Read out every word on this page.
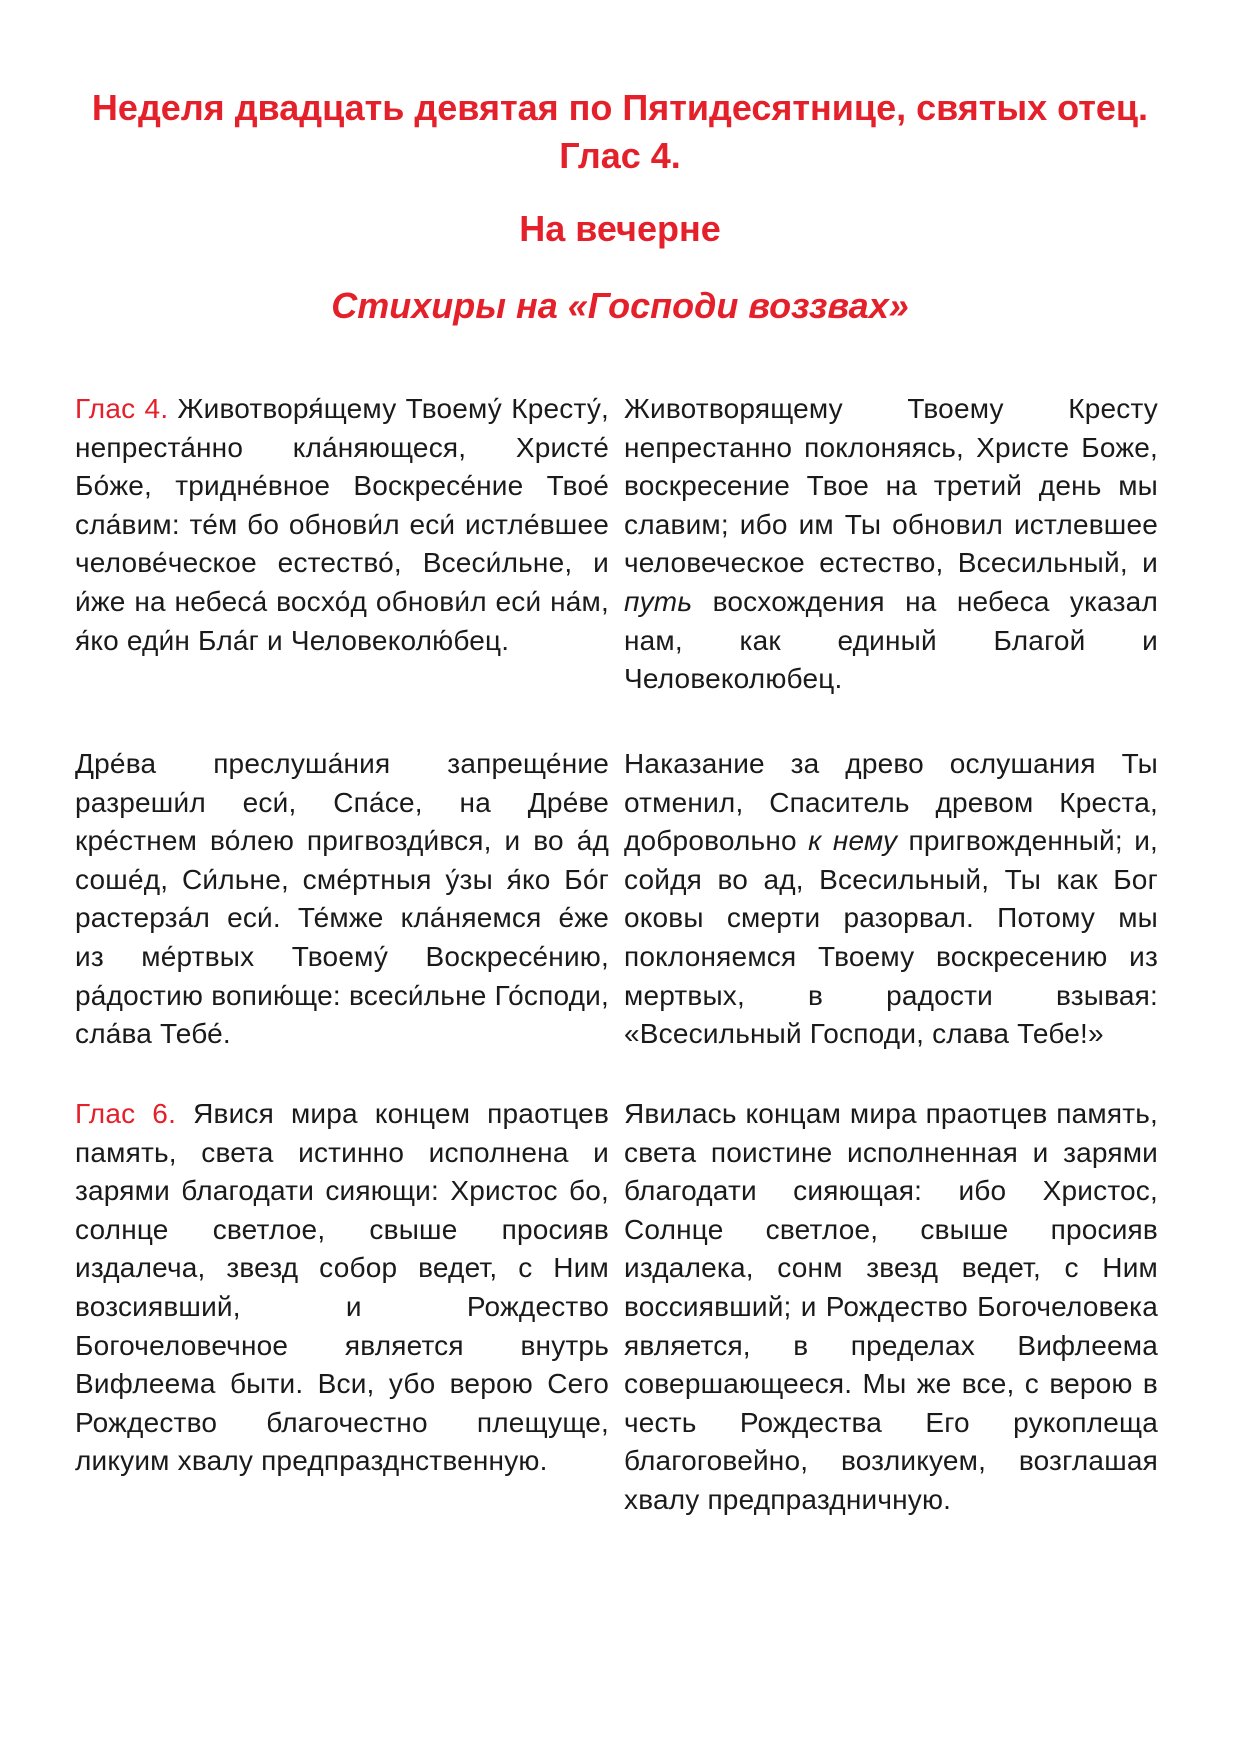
Неделя двадцать девятая по Пятидесятнице, святых отец.
Глас 4.
На вечерне
Стихиры на «Господи воззвах»
Глас 4. Животворя́щему Твоему́ Кресту́, непреста́нно кла́няющеся, Христе́ Бо́же, тридне́вное Воскресе́ние Твое́ сла́вим: те́м бо обнови́л еси́ истле́вшее челове́ческое естество́, Всеси́льне, и и́же на небеса́ восхо́д обнови́л еси́ на́м, я́ко еди́н Бла́г и Человеколю́бец.
Животворящему Твоему Кресту непрестанно поклоняясь, Христе Боже, воскресение Твое на третий день мы славим; ибо им Ты обновил истлевшее человеческое естество, Всесильный, и путь восхождения на небеса указал нам, как единый Благой и Человеколюбец.
Дре́ва преслуша́ния запреще́ние разреши́л еси́, Спа́се, на Дре́ве кре́стнем во́лею пригвозди́вся, и во а́д соше́д, Си́льне, сме́ртныя у́зы я́ко Бо́г растерза́л еси́. Те́мже кла́няемся е́же из ме́ртвых Твоему́ Воскресе́нию, ра́достию вопию́ще: всеси́льне Го́споди, сла́ва Тебе́.
Наказание за древо ослушания Ты отменил, Спаситель древом Креста, добровольно к нему пригвожденный; и, сойдя во ад, Всесильный, Ты как Бог оковы смерти разорвал. Потому мы поклоняемся Твоему воскресению из мертвых, в радости взывая: «Всесильный Господи, слава Тебе!»
Глас 6. Явися мира концем праотцев память, света истинно исполнена и зарями благодати сияющи: Христос бо, солнце светлое, свыше просияв издалеча, звезд собор ведет, с Ним возсиявший, и Рождество Богочеловечное является внутрь Вифлеема быти. Вси, убо верою Сего Рождество благочестно плещуще, ликуим хвалу предпразднственную.
Явилась концам мира праотцев память, света поистине исполненная и зарями благодати сияющая: ибо Христос, Солнце светлое, свыше просияв издалека, сонм звезд ведет, с Ним воссиявший; и Рождество Богочеловека является, в пределах Вифлеема совершающееся. Мы же все, с верою в честь Рождества Его рукоплеща благоговейно, возликуем, возглашая хвалу предпраздничную.
